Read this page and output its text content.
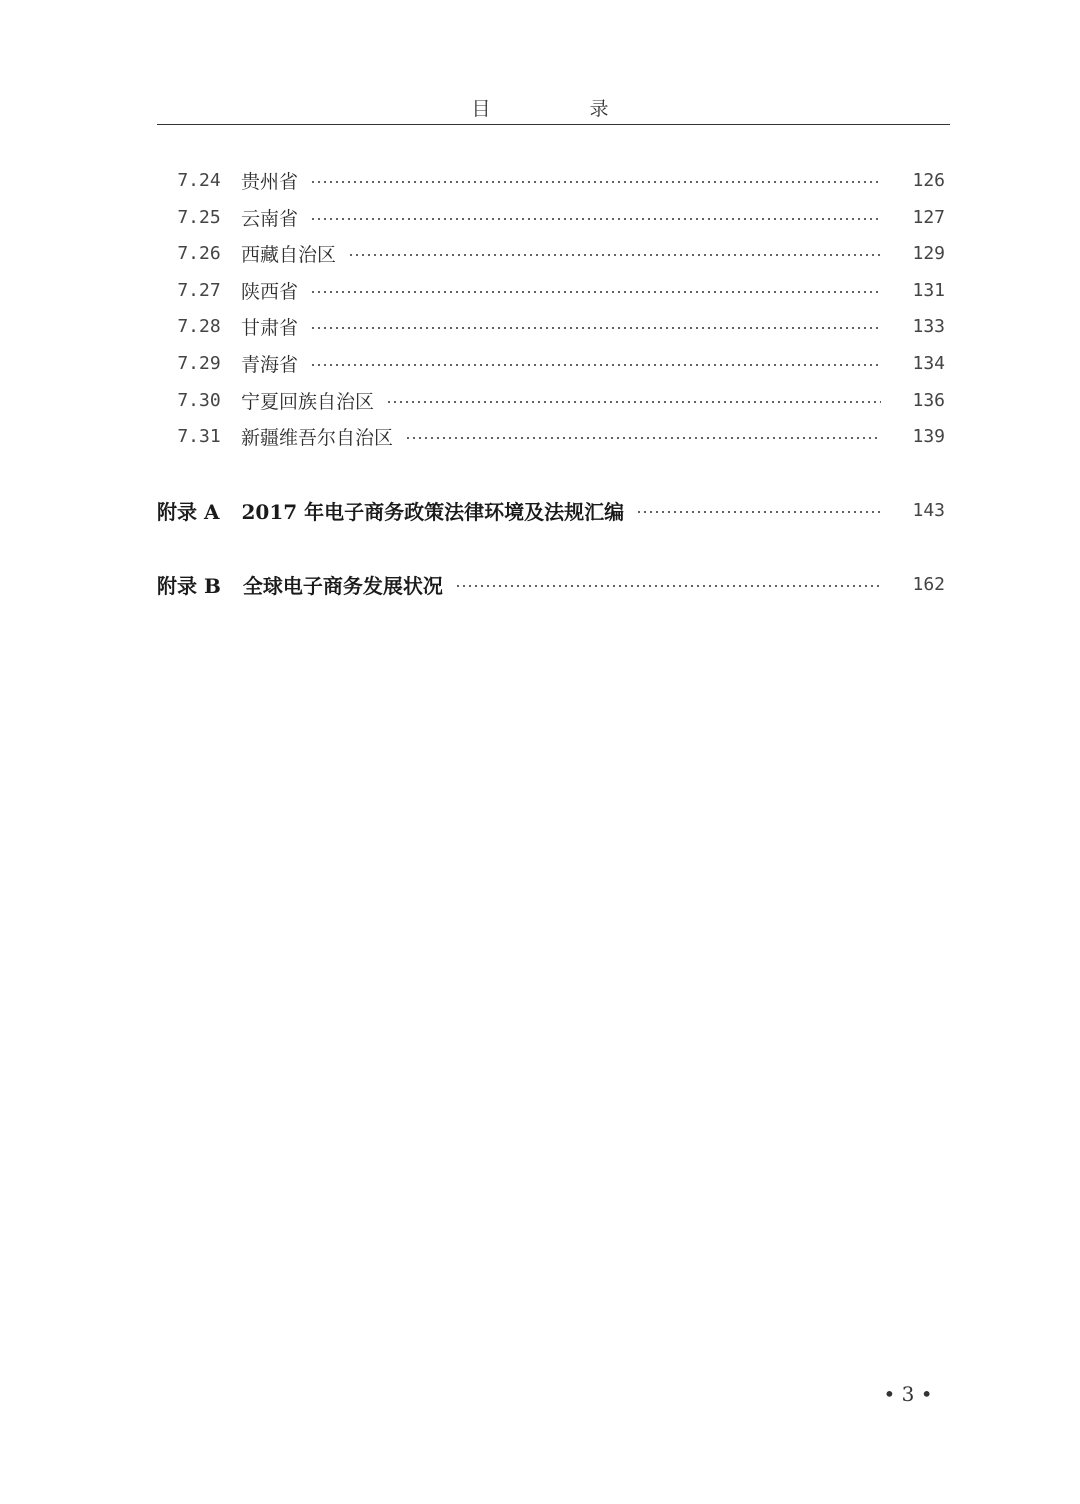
目　录
7.24	贵州省	126
7.25	云南省	127
7.26	西藏自治区	129
7.27	陕西省	131
7.28	甘肃省	133
7.29	青海省	134
7.30	宁夏回族自治区	136
7.31	新疆维吾尔自治区	139
附录 A 2017 年电子商务政策法律环境及法规汇编	143
附录 B 全球电子商务发展状况	162
• 3 •
